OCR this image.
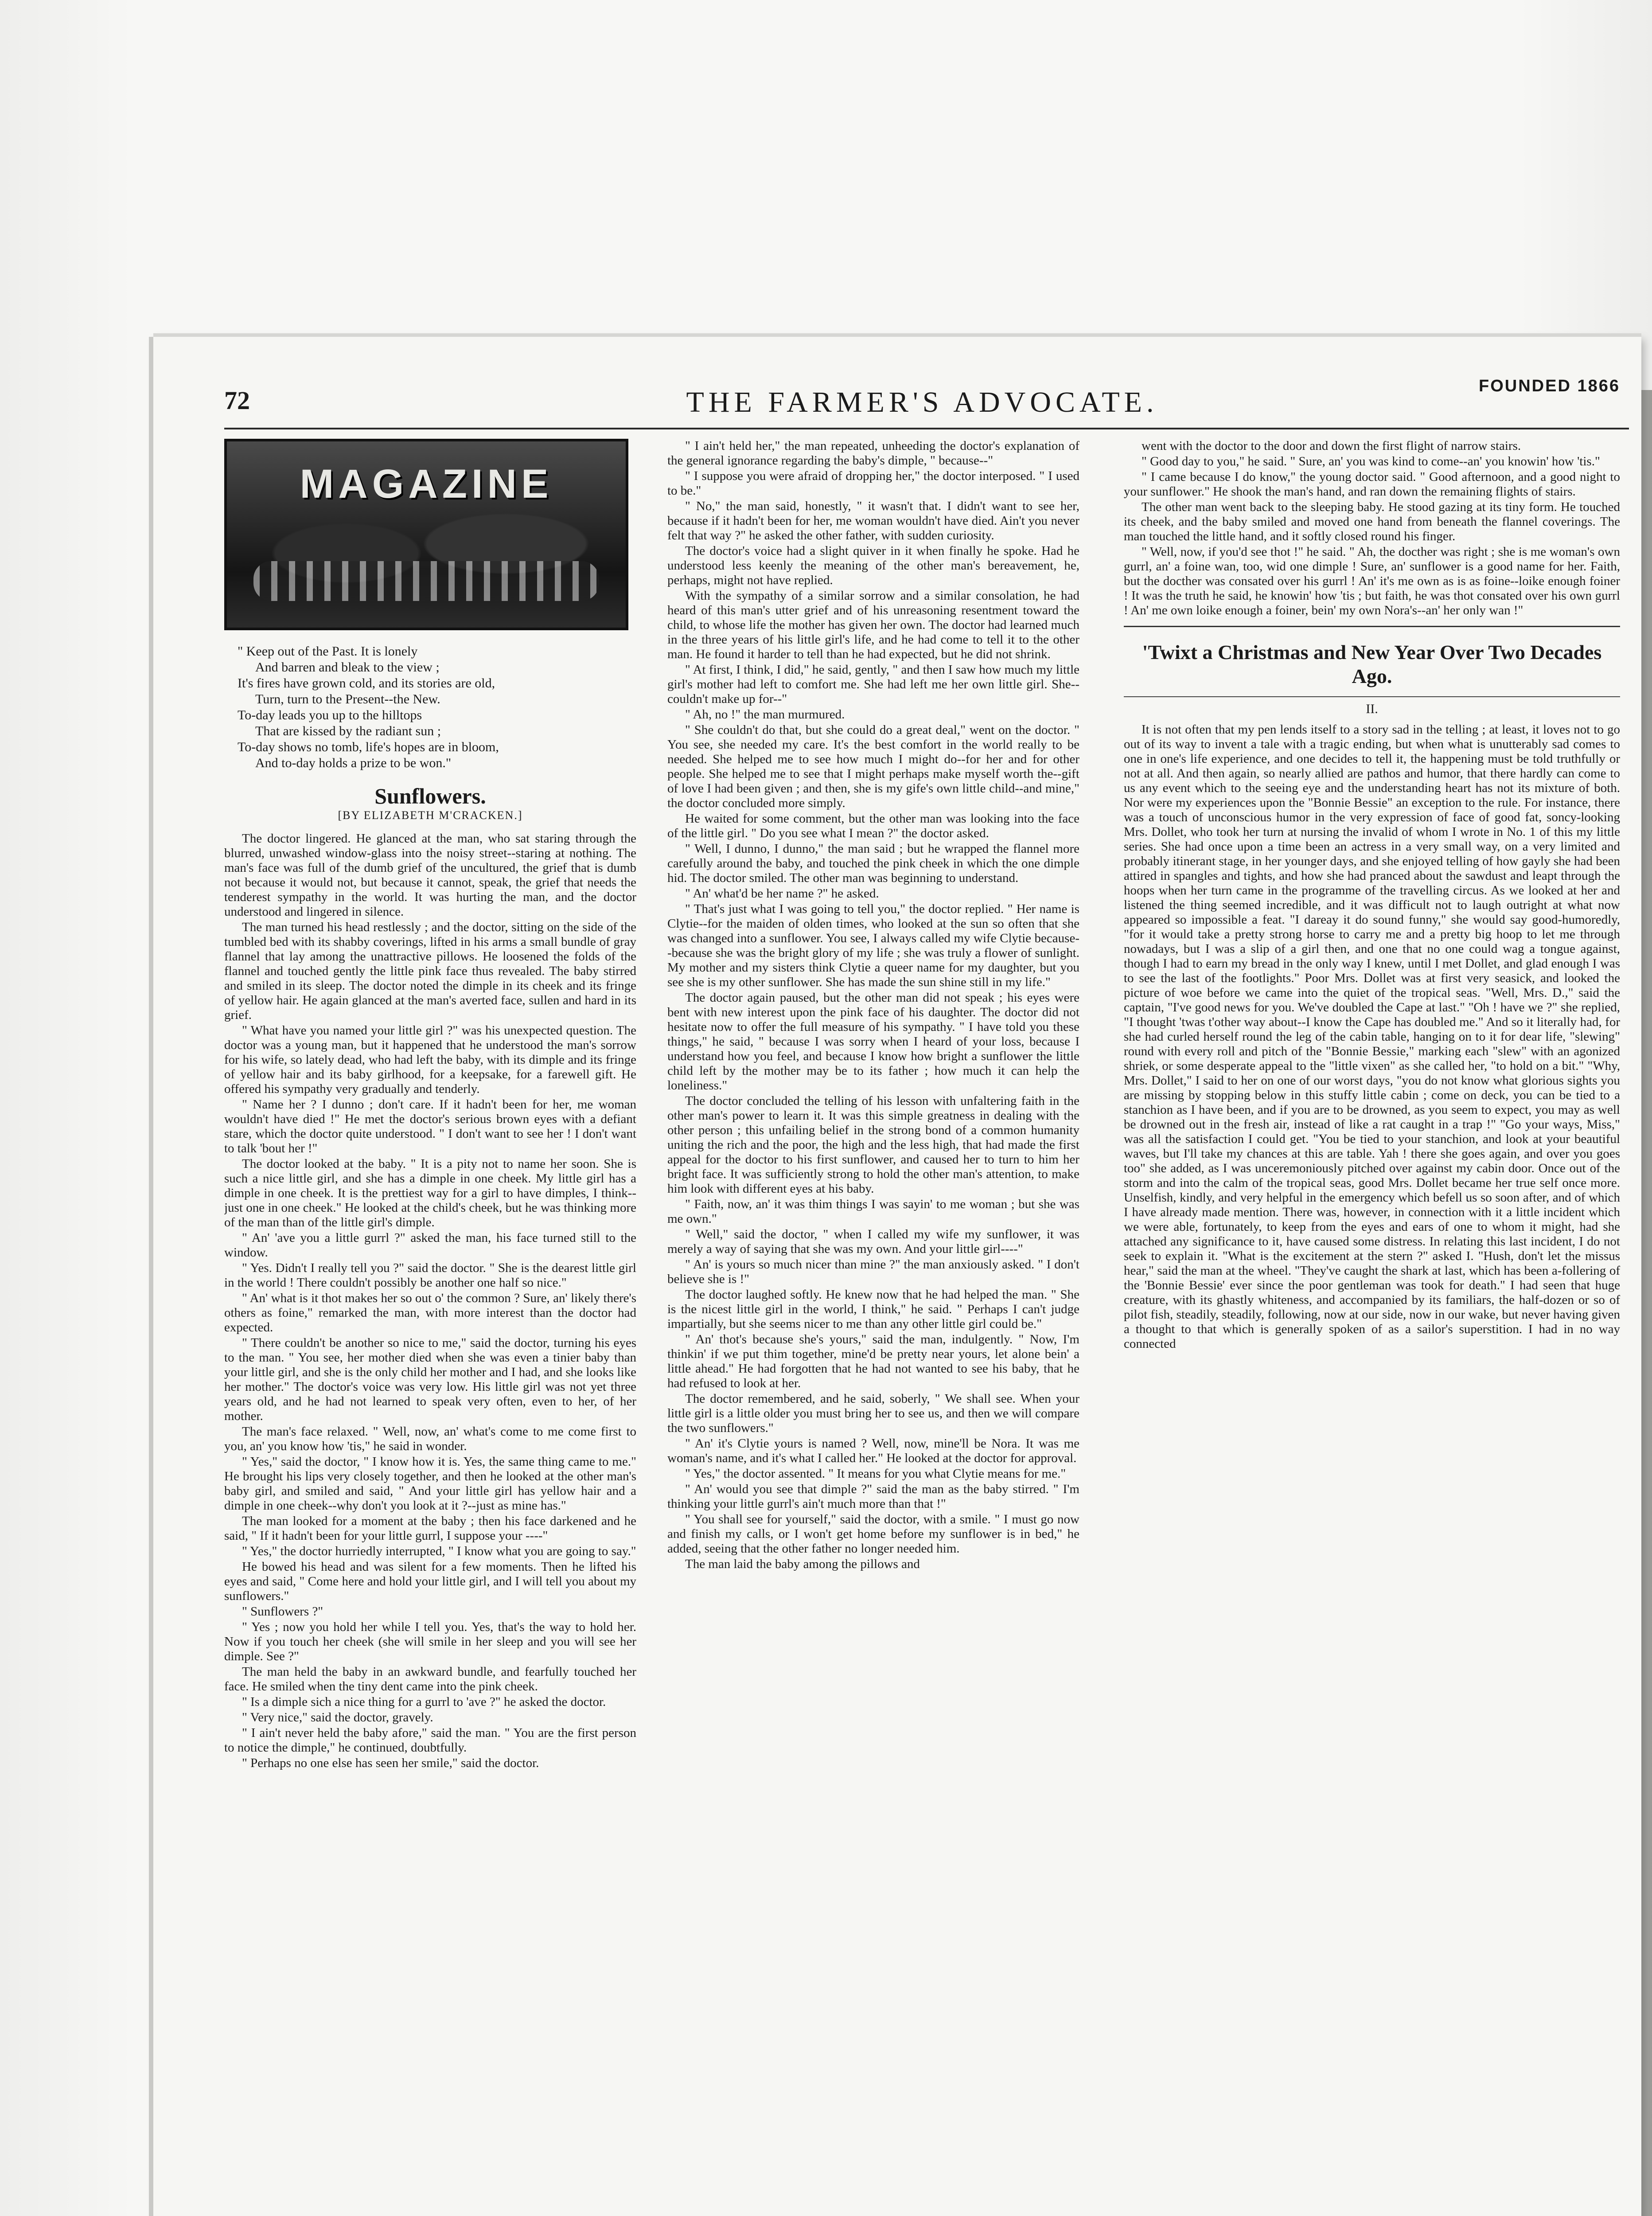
72	THE FARMER'S ADVOCATE.	FOUNDED 1866
MAGAZINE
" Keep out of the Past. It is lonely
And barren and bleak to the view ;
It's fires have grown cold, and its stories are old,
Turn, turn to the Present--the New.
To-day leads you up to the hilltops
That are kissed by the radiant sun ;
To-day shows no tomb, life's hopes are in bloom,
And to-day holds a prize to be won."
Sunflowers.
[BY ELIZABETH M'CRACKEN.]

The doctor lingered. He glanced at the man, who sat staring through the blurred, unwashed window-glass into the noisy street--staring at nothing. The man's face was full of the dumb grief of the uncultured, the grief that is dumb not because it would not, but because it cannot, speak, the grief that needs the tenderest sympathy in the world. It was hurting the man, and the doctor understood and lingered in silence.

The man turned his head restlessly ; and the doctor, sitting on the side of the tumbled bed with its shabby coverings, lifted in his arms a small bundle of gray flannel that lay among the unattractive pillows. He loosened the folds of the flannel and touched gently the little pink face thus revealed. The baby stirred and smiled in its sleep. The doctor noted the dimple in its cheek and its fringe of yellow hair. He again glanced at the man's averted face, sullen and hard in its grief.

" What have you named your little girl ?" was his unexpected question. The doctor was a young man, but it happened that he understood the man's sorrow for his wife, so lately dead, who had left the baby, with its dimple and its fringe of yellow hair and its baby girlhood, for a keepsake, for a farewell gift. He offered his sympathy very gradually and tenderly.

" Name her ? I dunno ; don't care. If it hadn't been for her, me woman wouldn't have died !" He met the doctor's serious brown eyes with a defiant stare, which the doctor quite understood. " I don't want to see her ! I don't want to talk 'bout her !"

The doctor looked at the baby. " It is a pity not to name her soon. She is such a nice little girl, and she has a dimple in one cheek. My little girl has a dimple in one cheek. It is the prettiest way for a girl to have dimples, I think--just one in one cheek." He looked at the child's cheek, but he was thinking more of the man than of the little girl's dimple.

" An' 'ave you a little gurrl ?" asked the man, his face turned still to the window.

" Yes. Didn't I really tell you ?" said the doctor. " She is the dearest little girl in the world ! There couldn't possibly be another one half so nice."

" An' what is it thot makes her so out o' the common ? Sure, an' likely there's others as foine," remarked the man, with more interest than the doctor had expected.

" There couldn't be another so nice to me," said the doctor, turning his eyes to the man. " You see, her mother died when she was even a tinier baby than your little girl, and she is the only child her mother and I had, and she looks like her mother." The doctor's voice was very low. His little girl was not yet three years old, and he had not learned to speak very often, even to her, of her mother.

The man's face relaxed. " Well, now, an' what's come to me come first to you, an' you know how 'tis," he said in wonder.

" Yes," said the doctor, " I know how it is. Yes, the same thing came to me." He brought his lips very closely together, and then he looked at the other man's baby girl, and smiled and said, " And your little girl has yellow hair and a dimple in one cheek--why don't you look at it ?--just as mine has."

The man looked for a moment at the baby ; then his face darkened and he said, " If it hadn't been for your little gurrl, I suppose your ----"

" Yes," the doctor hurriedly interrupted, " I know what you are going to say."

He bowed his head and was silent for a few moments. Then he lifted his eyes and said, " Come here and hold your little girl, and I will tell you about my sunflowers."

" Sunflowers ?"

" Yes ; now you hold her while I tell you. Yes, that's the way to hold her. Now if you touch her cheek (she will smile in her sleep and you will see her dimple. See ?"

The man held the baby in an awkward bundle, and fearfully touched her face. He smiled when the tiny dent came into the pink cheek.

" Is a dimple sich a nice thing for a gurrl to 'ave ?" he asked the doctor.

" Very nice," said the doctor, gravely.

" I ain't never held the baby afore," said the man. " You are the first person to notice the dimple," he continued, doubtfully.

" Perhaps no one else has seen her smile," said the doctor.

" I ain't held her," the man repeated, unheeding the doctor's explanation of the general ignorance regarding the baby's dimple, " because--"

" I suppose you were afraid of dropping her," the doctor interposed. " I used to be."

" No," the man said, honestly, " it wasn't that. I didn't want to see her, because if it hadn't been for her, me woman wouldn't have died. Ain't you never felt that way ?" he asked the other father, with sudden curiosity.

The doctor's voice had a slight quiver in it when finally he spoke. Had he understood less keenly the meaning of the other man's bereavement, he, perhaps, might not have replied.

With the sympathy of a similar sorrow and a similar consolation, he had heard of this man's utter grief and of his unreasoning resentment toward the child, to whose life the mother has given her own. The doctor had learned much in the three years of his little girl's life, and he had come to tell it to the other man. He found it harder to tell than he had expected, but he did not shrink.

" At first, I think, I did," he said, gently, " and then I saw how much my little girl's mother had left to comfort me. She had left me her own little girl. She--couldn't make up for--"

" Ah, no !" the man murmured.

" She couldn't do that, but she could do a great deal," went on the doctor. " You see, she needed my care. It's the best comfort in the world really to be needed. She helped me to see how much I might do--for her and for other people. She helped me to see that I might perhaps make myself worth the--gift of love I had been given ; and then, she is my gife's own little child--and mine," the doctor concluded more simply.

He waited for some comment, but the other man was looking into the face of the little girl. " Do you see what I mean ?" the doctor asked.

" Well, I dunno, I dunno," the man said ; but he wrapped the flannel more carefully around the baby, and touched the pink cheek in which the one dimple hid. The doctor smiled. The other man was beginning to understand.

" An' what'd be her name ?" he asked.

" That's just what I was going to tell you," the doctor replied. " Her name is Clytie--for the maiden of olden times, who looked at the sun so often that she was changed into a sunflower. You see, I always called my wife Clytie because--because she was the bright glory of my life ; she was truly a flower of sunlight. My mother and my sisters think Clytie a queer name for my daughter, but you see she is my other sunflower. She has made the sun shine still in my life."

The doctor again paused, but the other man did not speak ; his eyes were bent with new interest upon the pink face of his daughter. The doctor did not hesitate now to offer the full measure of his sympathy. " I have told you these things," he said, " because I was sorry when I heard of your loss, because I understand how you feel, and because I know how bright a sunflower the little child left by the mother may be to its father ; how much it can help the loneliness."

The doctor concluded the telling of his lesson with unfaltering faith in the other man's power to learn it. It was this simple greatness in dealing with the other person ; this unfailing belief in the strong bond of a common humanity uniting the rich and the poor, the high and the less high, that had made the first appeal for the doctor to his first sunflower, and caused her to turn to him her bright face. It was sufficiently strong to hold the other man's attention, to make him look with different eyes at his baby.

" Faith, now, an' it was thim things I was sayin' to me woman ; but she was me own."

" Well," said the doctor, " when I called my wife my sunflower, it was merely a way of saying that she was my own. And your little girl----"

" An' is yours so much nicer than mine ?" the man anxiously asked. " I don't believe she is !"

The doctor laughed softly. He knew now that he had helped the man. " She is the nicest little girl in the world, I think," he said. " Perhaps I can't judge impartially, but she seems nicer to me than any other little girl could be."

" An' thot's because she's yours," said the man, indulgently. " Now, I'm thinkin' if we put thim together, mine'd be pretty near yours, let alone bein' a little ahead." He had forgotten that he had not wanted to see his baby, that he had refused to look at her.

The doctor remembered, and he said, soberly, " We shall see. When your little girl is a little older you must bring her to see us, and then we will compare the two sunflowers."

" An' it's Clytie yours is named ? Well, now, mine'll be Nora. It was me woman's name, and it's what I called her." He looked at the doctor for approval.

" Yes," the doctor assented. " It means for you what Clytie means for me."

" An' would you see that dimple ?" said the man as the baby stirred. " I'm thinking your little gurrl's ain't much more than that !"

" You shall see for yourself," said the doctor, with a smile. " I must go now and finish my calls, or I won't get home before my sunflower is in bed," he added, seeing that the other father no longer needed him.

The man laid the baby among the pillows and

went with the doctor to the door and down the first flight of narrow stairs.

" Good day to you," he said. " Sure, an' you was kind to come--an' you knowin' how 'tis."

" I came because I do know," the young doctor said. " Good afternoon, and a good night to your sunflower." He shook the man's hand, and ran down the remaining flights of stairs.

The other man went back to the sleeping baby. He stood gazing at its tiny form. He touched its cheek, and the baby smiled and moved one hand from beneath the flannel coverings. The man touched the little hand, and it softly closed round his finger.

" Well, now, if you'd see thot !" he said. " Ah, the docther was right ; she is me woman's own gurrl, an' a foine wan, too, wid one dimple ! Sure, an' sunflower is a good name for her. Faith, but the docther was consated over his gurrl ! An' it's me own as is as foine--loike enough foiner ! It was the truth he said, he knowin' how 'tis ; but faith, he was thot consated over his own gurrl ! An' me own loike enough a foiner, bein' my own Nora's--an' her only wan !"

'Twixt a Christmas and New Year Over Two Decades Ago.
II.

It is not often that my pen lends itself to a story sad in the telling ; at least, it loves not to go out of its way to invent a tale with a tragic ending, but when what is unutterably sad comes to one in one's life experience, and one decides to tell it, the happening must be told truthfully or not at all. And then again, so nearly allied are pathos and humor, that there hardly can come to us any event which to the seeing eye and the understanding heart has not its mixture of both. Nor were my experiences upon the "Bonnie Bessie" an exception to the rule. For instance, there was a touch of unconscious humor in the very expression of face of good fat, soncy-looking Mrs. Dollet, who took her turn at nursing the invalid of whom I wrote in No. 1 of this my little series. She had once upon a time been an actress in a very small way, on a very limited and probably itinerant stage, in her younger days, and she enjoyed telling of how gayly she had been attired in spangles and tights, and how she had pranced about the sawdust and leapt through the hoops when her turn came in the programme of the travelling circus. As we looked at her and listened the thing seemed incredible, and it was difficult not to laugh outright at what now appeared so impossible a feat. "I dareay it do sound funny," she would say good-humoredly, "for it would take a pretty strong horse to carry me and a pretty big hoop to let me through nowadays, but I was a slip of a girl then, and one that no one could wag a tongue against, though I had to earn my bread in the only way I knew, until I met Dollet, and glad enough I was to see the last of the footlights." Poor Mrs. Dollet was at first very seasick, and looked the picture of woe before we came into the quiet of the tropical seas. "Well, Mrs. D.," said the captain, "I've good news for you. We've doubled the Cape at last." "Oh ! have we ?" she replied, "I thought 'twas t'other way about--I know the Cape has doubled me." And so it literally had, for she had curled herself round the leg of the cabin table, hanging on to it for dear life, "slewing" round with every roll and pitch of the "Bonnie Bessie," marking each "slew" with an agonized shriek, or some desperate appeal to the "little vixen" as she called her, "to hold on a bit." "Why, Mrs. Dollet," I said to her on one of our worst days, "you do not know what glorious sights you are missing by stopping below in this stuffy little cabin ; come on deck, you can be tied to a stanchion as I have been, and if you are to be drowned, as you seem to expect, you may as well be drowned out in the fresh air, instead of like a rat caught in a trap !" "Go your ways, Miss," was all the satisfaction I could get. "You be tied to your stanchion, and look at your beautiful waves, but I'll take my chances at this are table. Yah ! there she goes again, and over you goes too" she added, as I was unceremoniously pitched over against my cabin door. Once out of the storm and into the calm of the tropical seas, good Mrs. Dollet became her true self once more. Unselfish, kindly, and very helpful in the emergency which befell us so soon after, and of which I have already made mention. There was, however, in connection with it a little incident which we were able, fortunately, to keep from the eyes and ears of one to whom it might, had she attached any significance to it, have caused some distress. In relating this last incident, I do not seek to explain it. "What is the excitement at the stern ?" asked I. "Hush, don't let the missus hear," said the man at the wheel. "They've caught the shark at last, which has been a-follering of the 'Bonnie Bessie' ever since the poor gentleman was took for death." I had seen that huge creature, with its ghastly whiteness, and accompanied by its familiars, the half-dozen or so of pilot fish, steadily, steadily, following, now at our side, now in our wake, but never having given a thought to that which is generally spoken of as a sailor's superstition. I had in no way connected
